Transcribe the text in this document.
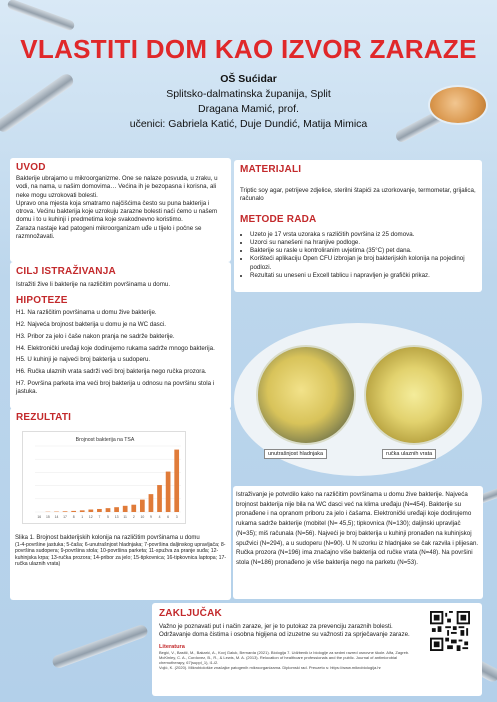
VLASTITI DOM KAO IZVOR ZARAZE
OŠ Sućidar
Splitsko-dalmatinska županija, Split
Dragana Mamić, prof.
učenici: Gabriela Katić, Duje Dundić, Matija Mimica
UVOD

Bakterije ubrajamo u mikroorganizme. One se nalaze posvuda, u zraku, u vodi, na nama, u našim domovima… Većina ih je bezopasna i korisna, ali neke mogu uzrokovati bolesti.

Upravo ona mjesta koja smatramo najčišćima često su puna bakterija i otrova. Većinu bakterija koje uzrokuju zarazne bolesti naći ćemo u našem domu i to u kuhinji i predmetima koje svakodnevno koristimo.

Zaraza nastaje kad patogeni mikroorganizam uđe u tijelo i počne se razmnožavati.

CILJ ISTRAŽIVANJA
Istražiti žive li bakterije na različitim površinama u domu.
HIPOTEZE

H1. Na različitim površinama u domu žive bakterije.

H2. Najveća brojnost bakterija u domu je na WC dasci.

H3. Pribor za jelo i čaše nakon pranja ne sadrže bakterije.

H4. Elektronički uređaji koje dodirujemo rukama sadrže mnogo bakterija.

H5. U kuhinji je najveći broj bakterija u sudoperu.

H6. Ručka ulaznih vrata sadrži veći broj bakterija nego ručka prozora.

H7. Površina parketa ima veći broj bakterija u odnosu na površinu stola i jastuka.

MATERIJALI
Triptic soy agar, petrijeve zdjelice, sterilni štapići za uzorkovanje, termometar, grijalica, računalo
METODE RADA
• Uzeto je 17 vrsta uzoraka s različitih površina iz 25 domova.
• Uzorci su nanešeni na hranjive podloge.
• Bakterije su rasle u kontroliranim uvjetima (35°C) pet dana.
• Korišteći aplikaciju Open CFU izbrojan je broj bakterijskih kolonija na pojedinoj podlozi.
• Rezultati su uneseni u Excell tablicu i napravljen je grafički prikaz.
unutrašnjost hladnjaka	ručka ulaznih vrata
REZULTATI
Brojnost bakterija na TSA
16 15 14 17 8 1 12 7 5 13 11 2 10 9 4 6 3
Slika 1. Brojnost bakterijskih kolonija na različitim površinama u domu
(1-4-površine jastuka; 5-čaša; 6-unutrašnjost hladnjaka; 7-površina daljinskog upravljača; 8-površina sudopera; 9-površina stola; 10-površina parketa; 11-spužva za pranje suđa; 12-kuhinjska krpa; 13-ručka prozora; 14-pribor za jelo; 15-tipkovnica; 16-tipkovnica laptopa; 17-ručka ulaznih vrata)
Istraživanje je potvrdilo kako na različitim površinama u domu žive bakterije. Najveća brojnost bakterija nije bila na WC dasci već na klima uređaju (N=454). Bakterije su pronađene i na opranom priboru za jelo i čašama. Elektronički uređaji koje dodirujemo rukama sadrže bakterije (mobitel (N= 45,5); tipkovnica (N=130); daljinski upravljač (N=35); miš računala (N=56). Najveći je broj bakterija u kuhinji pronađen na kuhinjskoj spužvici (N=294), a u sudoperu (N=90). U N uzorku iz hladnjake se čak razvila i plijesan. Ručka prozora (N=196) ima značajno više bakterija od ručke vrata (N=48). Na površini stola (N=186) pronađeno je više bakterija nego na parketu (N=53).
ZAKLJUČAK
Važno je poznavati put i način zaraze, jer je to putokaz za prevenciju zaraznih bolesti. Održavanje doma čistima i osobna higijena od izuzetne su važnosti za sprječavanje zaraze.
Literatura
Begić, V., Bastič, M., Bakarić, A., Kovj Galuk, Bernarda (2021). Biologija 7. Udžbenik iz biologije za sedmi razred osnovne škole. Alfa, Zagreb.
McKinley, C. A., Cordovez, B., R., & Lewis, M. A. (2013). Relocation of healthcare professionals and the public. Journal of antimicrobial chemotherapy, 67(suppl_1), i1-i2.
Vojić, K. (2020). Mikrobiološke značajke patogenih mikroorganizama. Diplomski rad. Preuzeto s: https://www.mikrobiologija.hr
